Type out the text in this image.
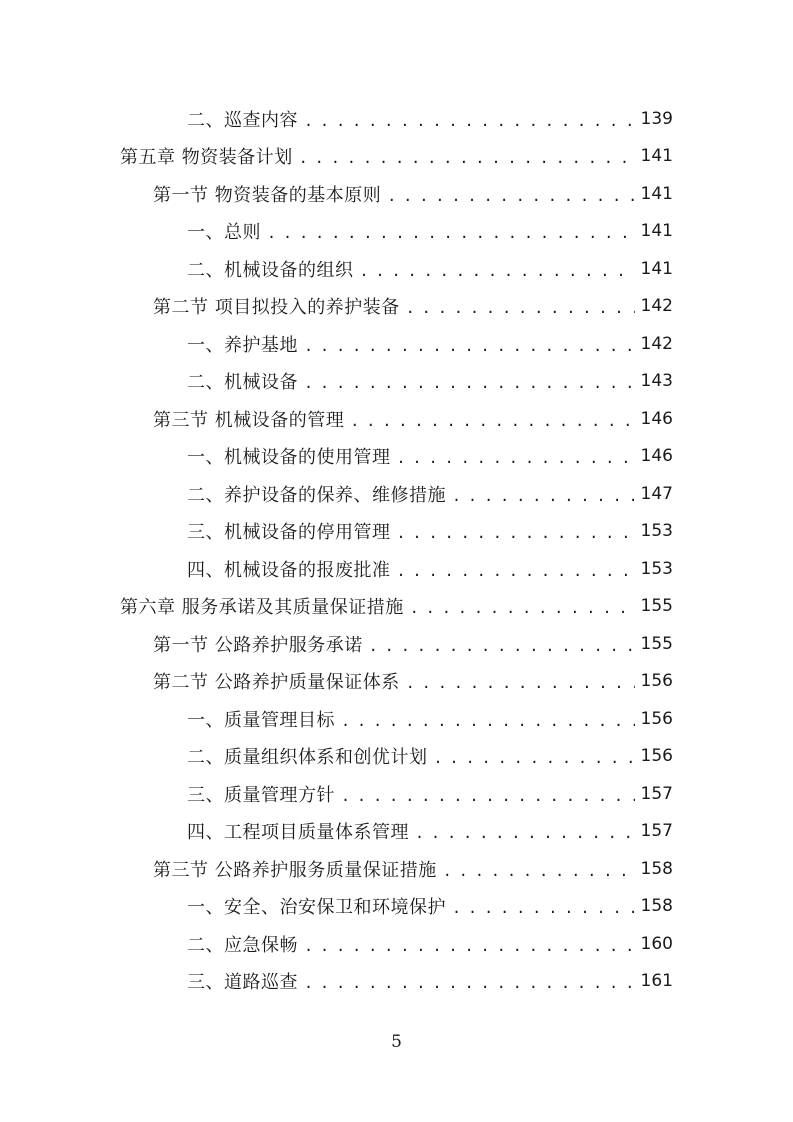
二、巡查内容 . . .	139
第五章 物资装备计划 . . .	141
第一节 物资装备的基本原则 . . .	141
一、总则 . . .	141
二、机械设备的组织 . . .	141
第二节 项目拟投入的养护装备 . . .	142
一、养护基地 . . .	142
二、机械设备 . . .	143
第三节 机械设备的管理 . . .	146
一、机械设备的使用管理 . . .	146
二、养护设备的保养、维修措施 . . .	147
三、机械设备的停用管理 . . .	153
四、机械设备的报废批准 . . .	153
第六章 服务承诺及其质量保证措施 . . .	155
第一节 公路养护服务承诺 . . .	155
第二节 公路养护质量保证体系 . . .	156
一、质量管理目标 . . .	156
二、质量组织体系和创优计划 . . .	156
三、质量管理方针 . . .	157
四、工程项目质量体系管理 . . .	157
第三节 公路养护服务质量保证措施 . . .	158
一、安全、治安保卫和环境保护 . . .	158
二、应急保畅 . . .	160
三、道路巡查 . . .	161
5
